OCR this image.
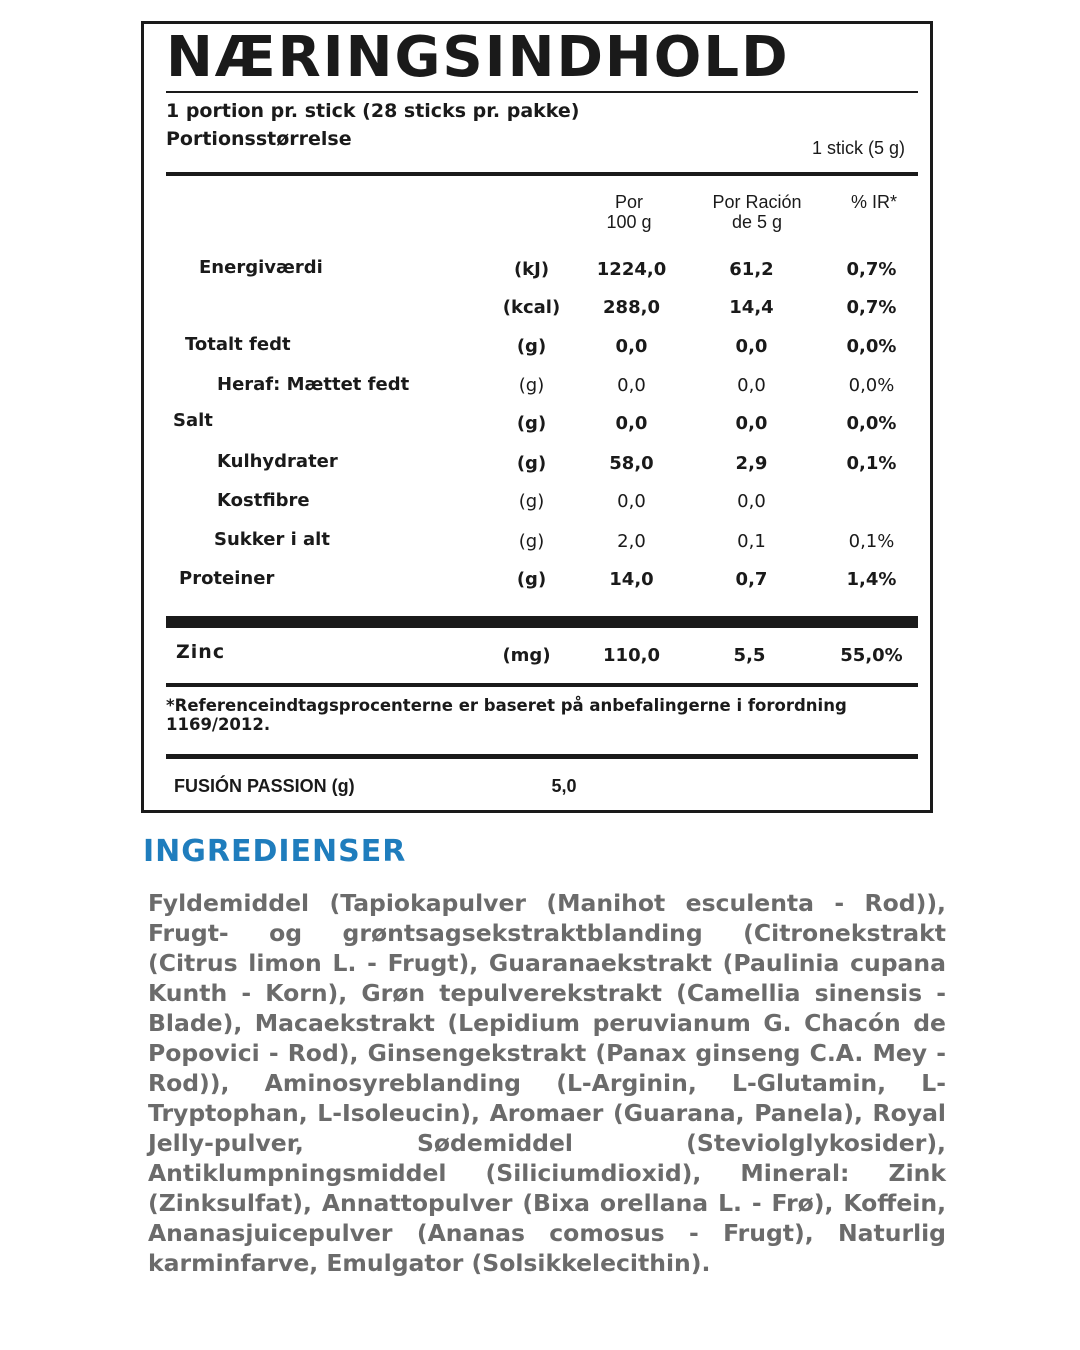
NÆRINGSINDHOLD
1 portion pr. stick (28 sticks pr. pakke)
Portionsstørrelse	1 stick (5 g)
Por
100 g
Por Ración
de 5 g
% IR*
Energiværdi	(kJ)	1224,0	61,2	0,7%
(kcal)	288,0	14,4	0,7%
Totalt fedt	(g)	0,0	0,0	0,0%
Heraf: Mættet fedt	(g)	0,0	0,0	0,0%
Salt	(g)	0,0	0,0	0,0%
Kulhydrater	(g)	58,0	2,9	0,1%
Kostfibre	(g)	0,0	0,0
Sukker i alt	(g)	2,0	0,1	0,1%
Proteiner	(g)	14,0	0,7	1,4%
Zinc	(mg)	110,0	5,5	55,0%
*Referenceindtagsprocenterne er baseret på anbefalingerne i forordning 1169/2012.
FUSIÓN PASSION (g)	5,0
INGREDIENSER

Fyldemiddel (Tapiokapulver (Manihot esculenta - Rod)), Frugt- og grøntsagsekstraktblanding (Citronekstrakt (Citrus limon L. - Frugt), Guaranaekstrakt (Paulinia cupana Kunth - Korn), Grøn tepulverekstrakt (Camellia sinensis - Blade), Macaekstrakt (Lepidium peruvianum G. Chacón de Popovici - Rod), Ginsengekstrakt (Panax ginseng C.A. Mey - Rod)), Aminosyreblanding (L-Arginin, L-Glutamin, L-Tryptophan, L-Isoleucin), Aromaer (Guarana, Panela), Royal Jelly-pulver, Sødemiddel (Steviolglykosider), Antiklumpningsmiddel (Siliciumdioxid), Mineral: Zink (Zinksulfat), Annattopulver (Bixa orellana L. - Frø), Koffein, Ananasjuicepulver (Ananas comosus - Frugt), Naturlig karminfarve, Emulgator (Solsikkelecithin).
